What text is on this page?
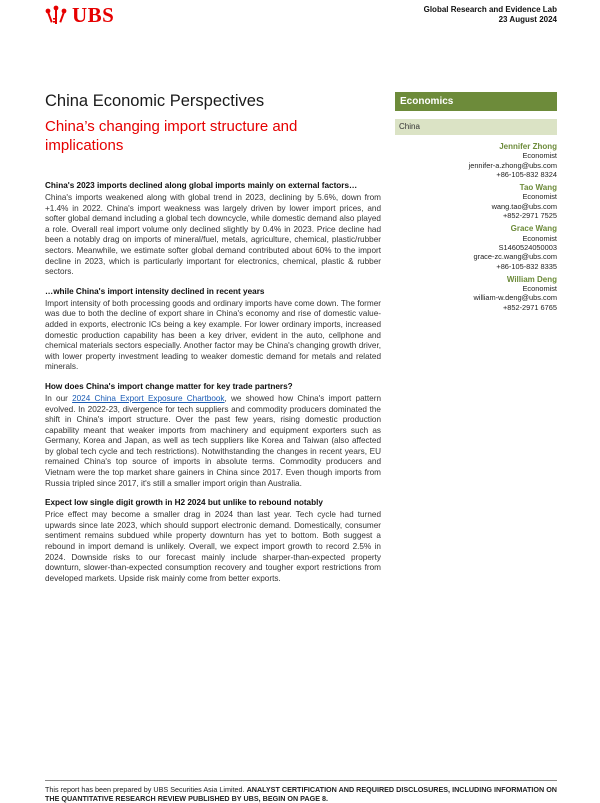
UBS	Global Research and Evidence Lab
23 August 2024
China Economic Perspectives
China’s changing import structure and implications
Economics
China
Jennifer Zhong
Economist
jennifer-a.zhong@ubs.com
+86-105-832 8324
Tao Wang
Economist
wang.tao@ubs.com
+852-2971 7525
Grace Wang
Economist
S1460524050003
grace-zc.wang@ubs.com
+86-105-832 8335
William Deng
Economist
william-w.deng@ubs.com
+852-2971 6765
China's 2023 imports declined along global imports mainly on external factors…

China's imports weakened along with global trend in 2023, declining by 5.6%, down from +1.4% in 2022. China's import weakness was largely driven by lower import prices, and softer global demand including a global tech downcycle, while domestic demand also played a role. Overall real import volume only declined slightly by 0.4% in 2023. Price decline had been a notably drag on imports of mineral/fuel, metals, agriculture, chemical, plastic/rubber sectors. Meanwhile, we estimate softer global demand contributed about 60% to the import decline in 2023, which is particularly important for electronics, chemical, plastic & rubber sectors.

…while China's import intensity declined in recent years

Import intensity of both processing goods and ordinary imports have come down. The former was due to both the decline of export share in China's economy and rise of domestic value-added in exports, electronic ICs being a key example. For lower ordinary imports, increased domestic production capability has been a key driver, evident in the auto, cellphone and chemical materials sectors especially. Another factor may be China's changing growth driver, with lower property investment leading to weaker domestic demand for metals and related minerals.

How does China's import change matter for key trade partners?

In our 2024 China Export Exposure Chartbook, we showed how China's import pattern evolved. In 2022-23, divergence for tech suppliers and commodity producers dominated the shift in China's import structure. Over the past few years, rising domestic production capability meant that weaker imports from machinery and equipment exporters such as Germany, Korea and Japan, as well as tech suppliers like Korea and Taiwan (also affected by global tech cycle and tech restrictions). Notwithstanding the changes in recent years, EU remained China's top source of imports in absolute terms. Commodity producers and Vietnam were the top market share gainers in China since 2017. Even though imports from Russia tripled since 2017, it's still a smaller import origin than Australia.

Expect low single digit growth in H2 2024 but unlike to rebound notably

Price effect may become a smaller drag in 2024 than last year. Tech cycle had turned upwards since late 2023, which should support electronic demand. Domestically, consumer sentiment remains subdued while property downturn has yet to bottom. Both suggest a rebound in import demand is unlikely. Overall, we expect import growth to record 2.5% in 2024. Downside risks to our forecast mainly include sharper-than-expected property downturn, slower-than-expected consumption recovery and tougher export restrictions from developed markets. Upside risk mainly come from better exports.

This report has been prepared by UBS Securities Asia Limited. ANALYST CERTIFICATION AND REQUIRED DISCLOSURES, INCLUDING INFORMATION ON THE QUANTITATIVE RESEARCH REVIEW PUBLISHED BY UBS, BEGIN ON PAGE 8.
